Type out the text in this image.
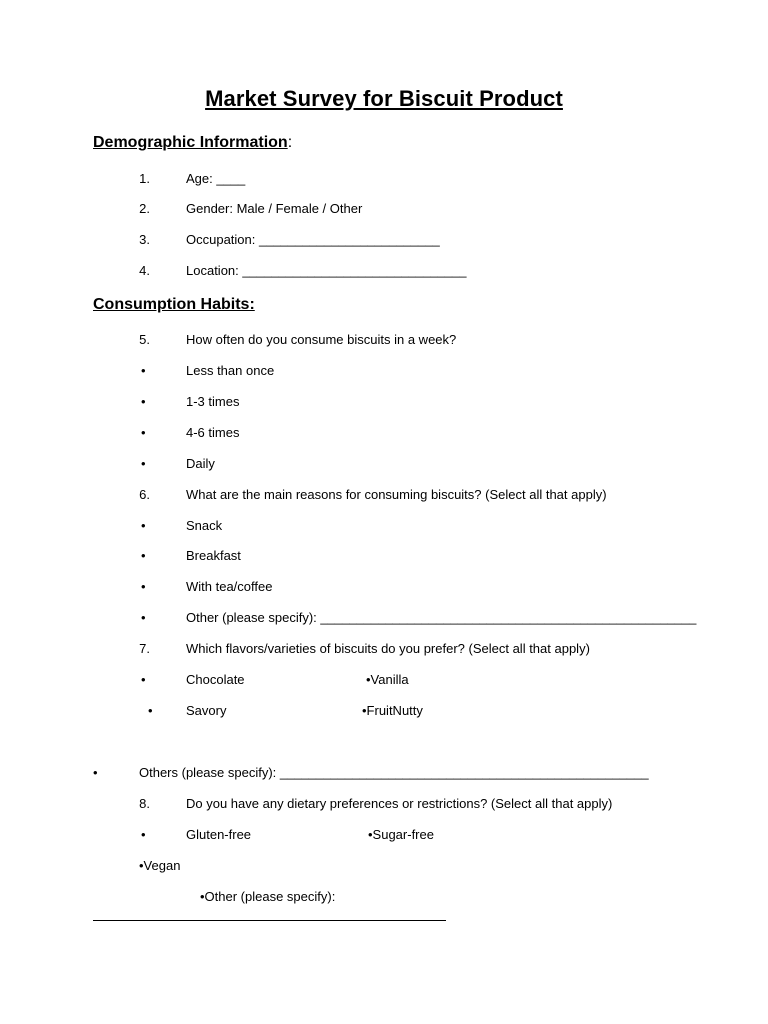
Market Survey for Biscuit Product
Demographic Information:
1.	Age: ____
2.	Gender: Male / Female / Other
3.	Occupation: _________________________
4.	Location: _______________________________
Consumption Habits:
5.	How often do you consume biscuits in a week?
•	Less than once
•	1-3 times
•	4-6 times
•	Daily
6.	What are the main reasons for consuming biscuits? (Select all that apply)
•	Snack
•	Breakfast
•	With tea/coffee
•	Other (please specify): ____________________________________________________
7.	Which flavors/varieties of biscuits do you prefer? (Select all that apply)
•	Chocolate	•Vanilla
•	Savory	•FruitNutty
•	Others (please specify): ___________________________________________________
8.	Do you have any dietary preferences or restrictions? (Select all that apply)
•	Gluten-free	•Sugar-free
•Vegan
•Other (please specify):
